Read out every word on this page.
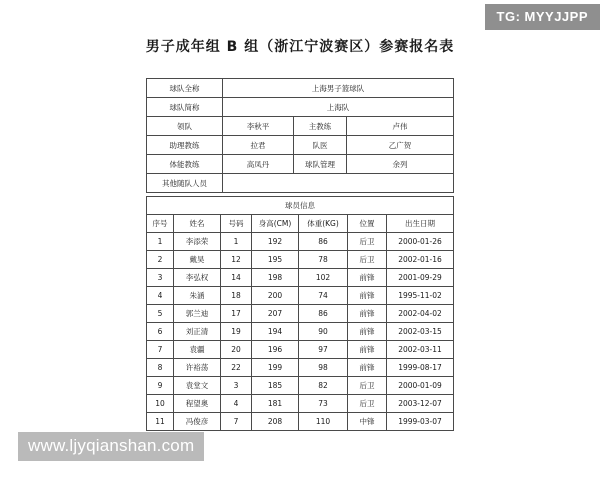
TG: MYYJJPP
男子成年组 B 组（浙江宁波赛区）参赛报名表
球队全称	上海男子篮球队		
球队简称	上海队		
领队	李秋平	主教练	卢伟
助理教练	拉君	队医	乙广贺
体能教练	高凤丹	球队管理	余列
其他随队人员			
球员信息						
序号	姓名	号码	身高(CM)	体重(KG)	位置	出生日期
1	李添荣	1	192	86	后卫	2000-01-26
2	戴昊	12	195	78	后卫	2002-01-16
3	李弘权	14	198	102	前锋	2001-09-29
4	朱涵	18	200	74	前锋	1995-11-02
5	郭兰迪	17	207	86	前锋	2002-04-02
6	刘正清	19	194	90	前锋	2002-03-15
7	袁疆	20	196	97	前锋	2002-03-11
8	许裕荡	22	199	98	前锋	1999-08-17
9	袁堂文	3	185	82	后卫	2000-01-09
10	程望奥	4	181	73	后卫	2003-12-07
11	冯俊彦	7	208	110	中锋	1999-03-07
www.ljyqianshan.com
